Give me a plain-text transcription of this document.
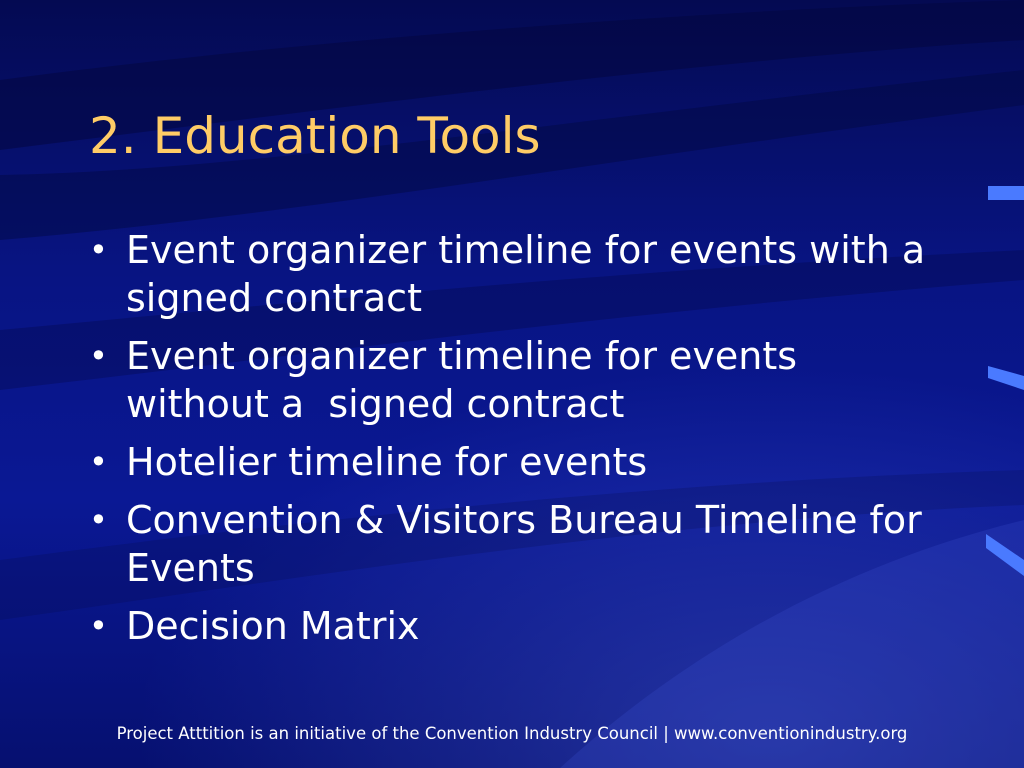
2. Education Tools
• Event organizer timeline for events with a signed contract
• Event organizer timeline for events without a  signed contract
• Hotelier timeline for events
• Convention & Visitors Bureau Timeline for Events
• Decision Matrix
Project Atttition is an initiative of the Convention Industry Council | www.conventionindustry.org
